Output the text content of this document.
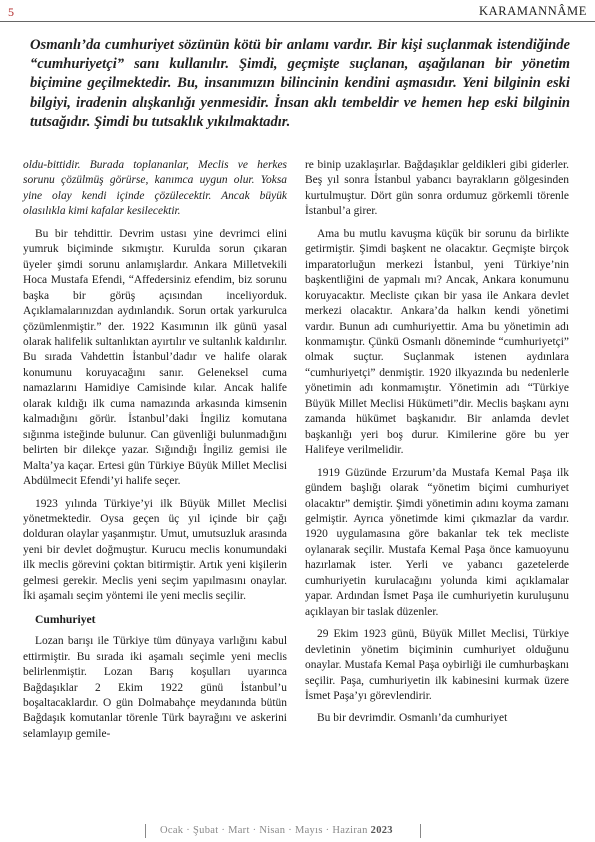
5	KARAMANNÂME

Osmanlı’da cumhuriyet sözünün kötü bir anlamı vardır. Bir kişi suçlanmak istendiğinde “cumhuriyetçi” sanı kullanılır. Şimdi, geçmişte suçlanan, aşağılanan bir yönetim biçimine geçilmektedir. Bu, insanımızın bilincinin kendini aşmasıdır. Yeni bilginin eski bilgiyi, iradenin alışkanlığı yenmesidir. İnsan aklı tembeldir ve hemen hep eski bilginin tutsağıdır. Şimdi bu tutsaklık yıkılmaktadır.

oldu-bittidir. Burada toplananlar, Meclis ve herkes sorunu çözülmüş görürse, kanımca uygun olur. Yoksa yine olay kendi içinde çözülecektir. Ancak büyük olasılıkla kimi kafalar kesilecektir.

Bu bir tehdittir. Devrim ustası yine devrimci elini yumruk biçiminde sıkmıştır. Kurulda sorun çıkaran üyeler şimdi sorunu anlamışlardır. Ankara Milletvekili Hoca Mustafa Efendi, “Affedersiniz efendim, biz sorunu başka bir görüş açısından inceliyorduk. Açıklamalarınızdan aydınlandık. Sorun ortak yarkurulca çözümlenmiştir.” der. 1922 Kasımının ilk günü yasal olarak halifelik sultanlıktan ayırtılır ve sultanlık kaldırılır. Bu sırada Vahdettin İstanbul’dadır ve halife olarak konumunu koruyacağını sanır. Geleneksel cuma namazlarını Hamidiye Camisinde kılar. Ancak halife olarak kıldığı ilk cuma namazında arkasında kimsenin kalmadığını görür. İstanbul’daki İngiliz komutana sığınma isteğinde bulunur. Can güvenliği bulunmadığını belirten bir dilekçe yazar. Sığındığı İngiliz gemisi ile Malta’ya kaçar. Ertesi gün Türkiye Büyük Millet Meclisi Abdülmecit Efendi’yi halife seçer.

1923 yılında Türkiye’yi ilk Büyük Millet Meclisi yönetmektedir. Oysa geçen üç yıl içinde bir çağı dolduran olaylar yaşanmıştır. Umut, umutsuzluk arasında yeni bir devlet doğmuştur. Kurucu meclis konumundaki ilk meclis görevini çoktan bitirmiştir. Artık yeni kişilerin gelmesi gerekir. Meclis yeni seçim yapılmasını onaylar. İki aşamalı seçim yöntemi ile yeni meclis seçilir.

Cumhuriyet

Lozan barışı ile Türkiye tüm dünyaya varlığını kabul ettirmiştir. Bu sırada iki aşamalı seçimle yeni meclis belirlenmiştir. Lozan Barış koşulları uyarınca Bağdaşıklar 2 Ekim 1922 günü İstanbul’u boşaltacaklardır. O gün Dolmabahçe meydanında bütün Bağdaşık komutanlar törenle Türk bayrağını ve askerini selamlayıp gemile-

re binip uzaklaşırlar. Bağdaşıklar geldikleri gibi giderler. Beş yıl sonra İstanbul yabancı bayrakların gölgesinden kurtulmuştur. Dört gün sonra ordumuz görkemli törenle İstanbul’a girer.

Ama bu mutlu kavuşma küçük bir sorunu da birlikte getirmiştir. Şimdi başkent ne olacaktır. Geçmişte birçok imparatorluğun merkezi İstanbul, yeni Türkiye’nin başkentliğini de yapmalı mı? Ancak, Ankara konumunu koruyacaktır. Mecliste çıkan bir yasa ile Ankara devlet merkezi olacaktır. Ankara’da halkın kendi yönetimi vardır. Bunun adı cumhuriyettir. Ama bu yönetimin adı konmamıştır. Çünkü Osmanlı döneminde “cumhuriyetçi” olmak suçtur. Suçlanmak istenen aydınlara “cumhuriyetçi” denmiştir. 1920 ilkyazında bu nedenlerle yönetimin adı konmamıştır. Yönetimin adı “Türkiye Büyük Millet Meclisi Hükümeti”dir. Meclis başkanı aynı zamanda hükümet başkanıdır. Bir anlamda devlet başkanlığı yeri boş durur. Kimilerine göre bu yer Halifeye verilmelidir.

1919 Güzünde Erzurum’da Mustafa Kemal Paşa ilk gündem başlığı olarak “yönetim biçimi cumhuriyet olacaktır” demiştir. Şimdi yönetimin adını koyma zamanı gelmiştir. Ayrıca yönetimde kimi çıkmazlar da vardır. 1920 uygulamasına göre bakanlar tek tek mecliste oylanarak seçilir. Mustafa Kemal Paşa önce kamuoyunu hazırlamak ister. Yerli ve yabancı gazetelerde cumhuriyetin kurulacağını yolunda kimi açıklamalar yapar. Ardından İsmet Paşa ile cumhuriyetin kuruluşunu açıklayan bir taslak düzenler.

29 Ekim 1923 günü, Büyük Millet Meclisi, Türkiye devletinin yönetim biçiminin cumhuriyet olduğunu onaylar. Mustafa Kemal Paşa oybirliği ile cumhurbaşkanı seçilir. Paşa, cumhuriyetin ilk kabinesini kurmak üzere İsmet Paşa’yı görevlendirir.

Bu bir devrimdir. Osmanlı’da cumhuriyet

Ocak · Şubat · Mart · Nisan · Mayıs · Haziran 2023
